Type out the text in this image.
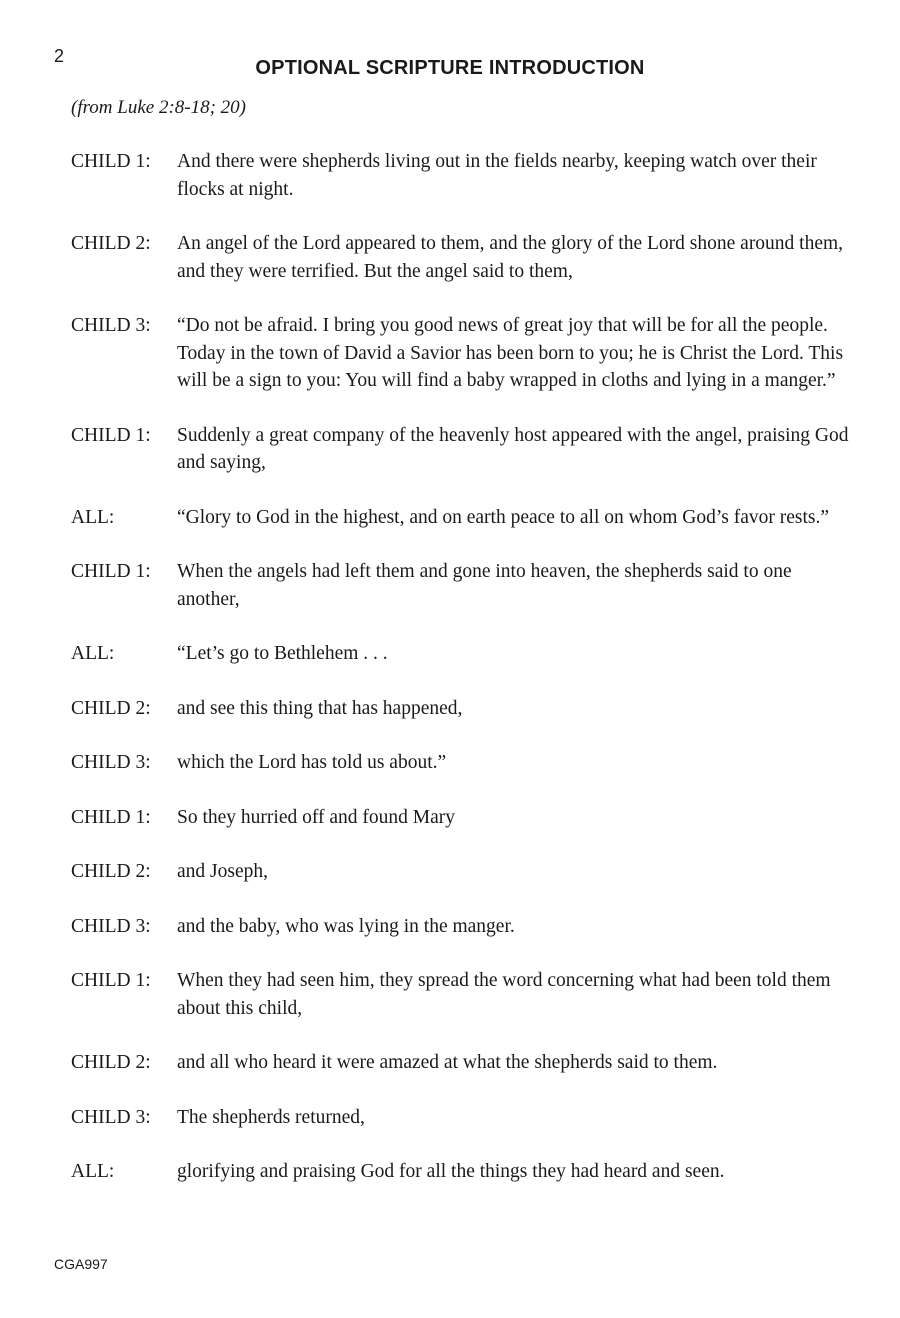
2
OPTIONAL SCRIPTURE INTRODUCTION
(from Luke 2:8-18; 20)
CHILD 1:	And there were shepherds living out in the fields nearby, keeping watch over their flocks at night.
CHILD 2:	An angel of the Lord appeared to them, and the glory of the Lord shone around them, and they were terrified. But the angel said to them,
CHILD 3:	“Do not be afraid. I bring you good news of great joy that will be for all the people. Today in the town of David a Savior has been born to you; he is Christ the Lord. This will be a sign to you: You will find a baby wrapped in cloths and lying in a manger.”
CHILD 1:	Suddenly a great company of the heavenly host appeared with the angel, praising God and saying,
ALL:	“Glory to God in the highest, and on earth peace to all on whom God’s favor rests.”
CHILD 1:	When the angels had left them and gone into heaven, the shepherds said to one another,
ALL:	“Let’s go to Bethlehem . . .
CHILD 2:	and see this thing that has happened,
CHILD 3:	which the Lord has told us about.”
CHILD 1:	So they hurried off and found Mary
CHILD 2:	and Joseph,
CHILD 3:	and the baby, who was lying in the manger.
CHILD 1:	When they had seen him, they spread the word concerning what had been told them about this child,
CHILD 2:	and all who heard it were amazed at what the shepherds said to them.
CHILD 3:	The shepherds returned,
ALL:	glorifying and praising God for all the things they had heard and seen.
CGA997
